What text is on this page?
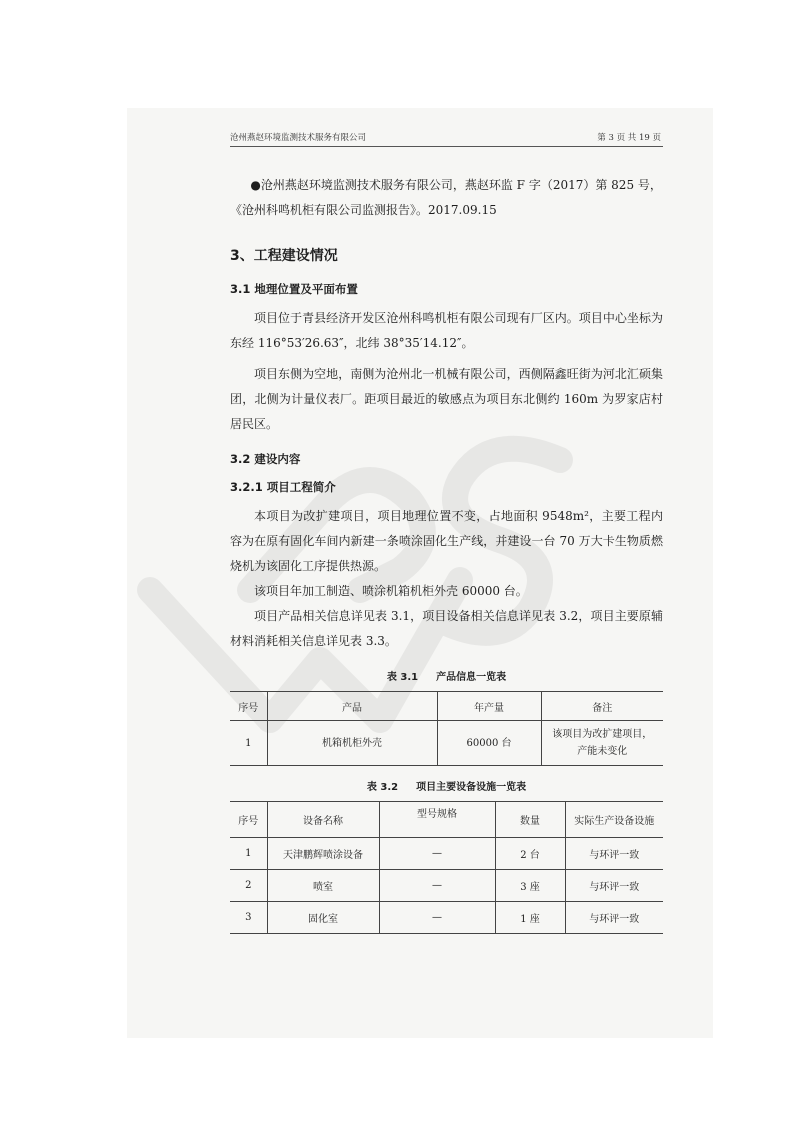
沧州燕赵环境监测技术服务有限公司	第 3 页 共 19 页

●沧州燕赵环境监测技术服务有限公司，燕赵环监 F 字（2017）第 825 号，

《沧州科鸣机柜有限公司监测报告》。2017.09.15

3、工程建设情况
3.1 地理位置及平面布置

项目位于青县经济开发区沧州科鸣机柜有限公司现有厂区内。项目中心坐标为东经 116°53′26.63″，北纬 38°35′14.12″。

项目东侧为空地，南侧为沧州北一机械有限公司，西侧隔鑫旺街为河北汇硕集团，北侧为计量仪表厂。距项目最近的敏感点为项目东北侧约 160m 为罗家店村居民区。

3.2 建设内容
3.2.1 项目工程简介

本项目为改扩建项目，项目地理位置不变，占地面积 9548m²，主要工程内容为在原有固化车间内新建一条喷涂固化生产线，并建设一台 70 万大卡生物质燃烧机为该固化工序提供热源。

该项目年加工制造、喷涂机箱机柜外壳 60000 台。

项目产品相关信息详见表 3.1，项目设备相关信息详见表 3.2，项目主要原辅材料消耗相关信息详见表 3.3。

表 3.1 产品信息一览表
序号	产品	年产量	备注
1	机箱机柜外壳	60000 台	该项目为改扩建项目，
产能未变化
表 3.2 项目主要设备设施一览表
序号	设备名称	型号规格	数量	实际生产设备设施
1	天津鹏辉喷涂设备	—	2 台	与环评一致
2	喷室	—	3 座	与环评一致
3	固化室	—	1 座	与环评一致
